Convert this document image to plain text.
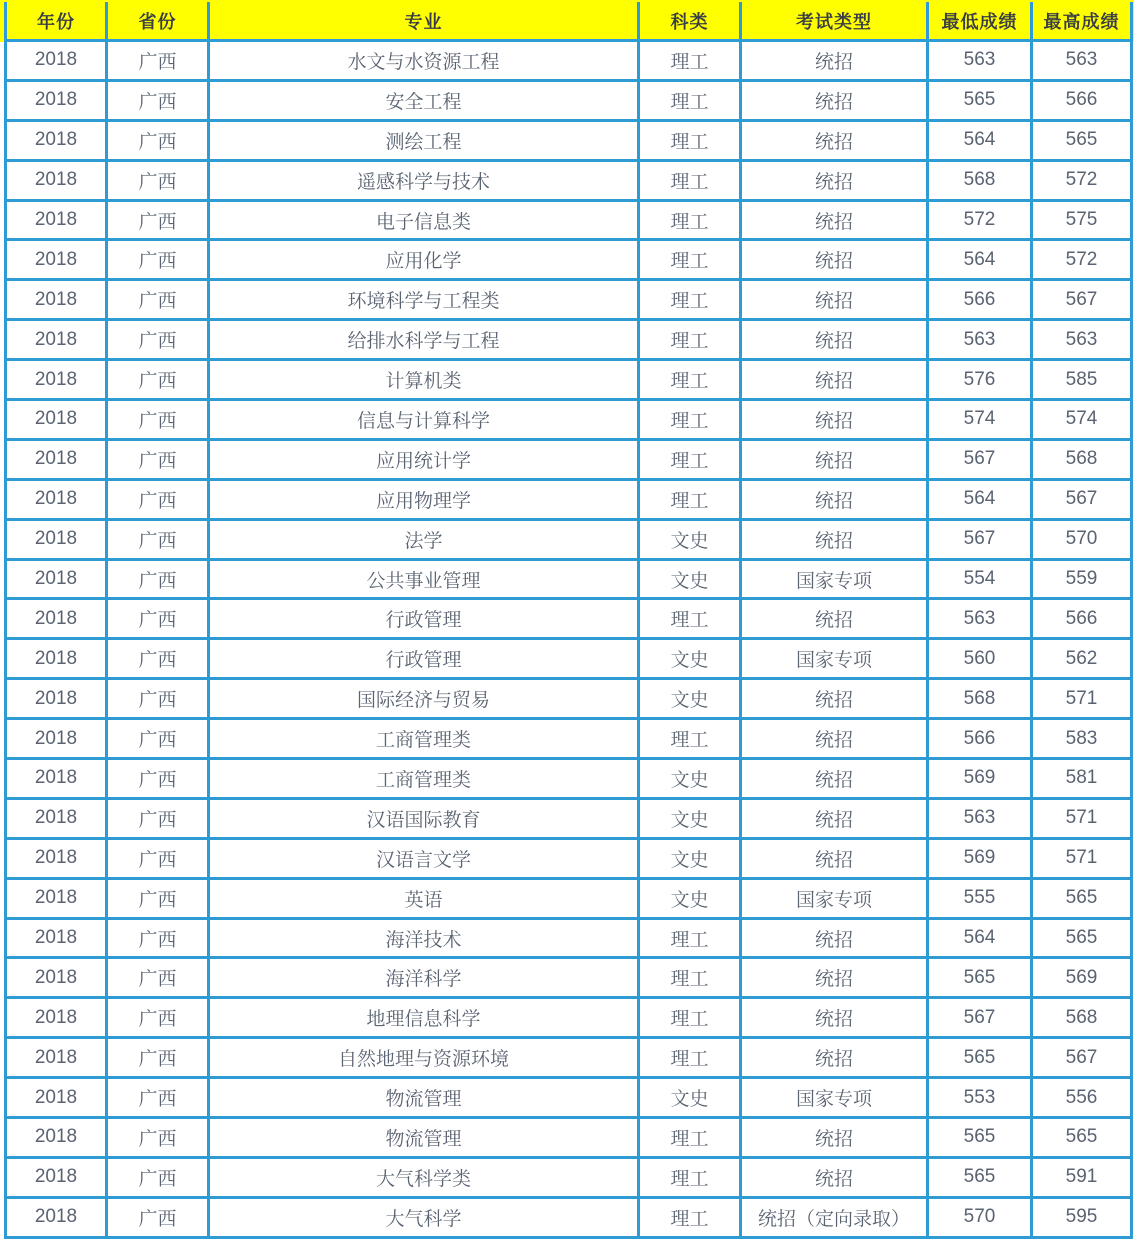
年份	省份	专业	科类	考试类型	最低成绩	最高成绩
2018	广西	水文与水资源工程	理工	统招	563	563
2018	广西	安全工程	理工	统招	565	566
2018	广西	测绘工程	理工	统招	564	565
2018	广西	遥感科学与技术	理工	统招	568	572
2018	广西	电子信息类	理工	统招	572	575
2018	广西	应用化学	理工	统招	564	572
2018	广西	环境科学与工程类	理工	统招	566	567
2018	广西	给排水科学与工程	理工	统招	563	563
2018	广西	计算机类	理工	统招	576	585
2018	广西	信息与计算科学	理工	统招	574	574
2018	广西	应用统计学	理工	统招	567	568
2018	广西	应用物理学	理工	统招	564	567
2018	广西	法学	文史	统招	567	570
2018	广西	公共事业管理	文史	国家专项	554	559
2018	广西	行政管理	理工	统招	563	566
2018	广西	行政管理	文史	国家专项	560	562
2018	广西	国际经济与贸易	文史	统招	568	571
2018	广西	工商管理类	理工	统招	566	583
2018	广西	工商管理类	文史	统招	569	581
2018	广西	汉语国际教育	文史	统招	563	571
2018	广西	汉语言文学	文史	统招	569	571
2018	广西	英语	文史	国家专项	555	565
2018	广西	海洋技术	理工	统招	564	565
2018	广西	海洋科学	理工	统招	565	569
2018	广西	地理信息科学	理工	统招	567	568
2018	广西	自然地理与资源环境	理工	统招	565	567
2018	广西	物流管理	文史	国家专项	553	556
2018	广西	物流管理	理工	统招	565	565
2018	广西	大气科学类	理工	统招	565	591
2018	广西	大气科学	理工	统招（定向录取）	570	595
